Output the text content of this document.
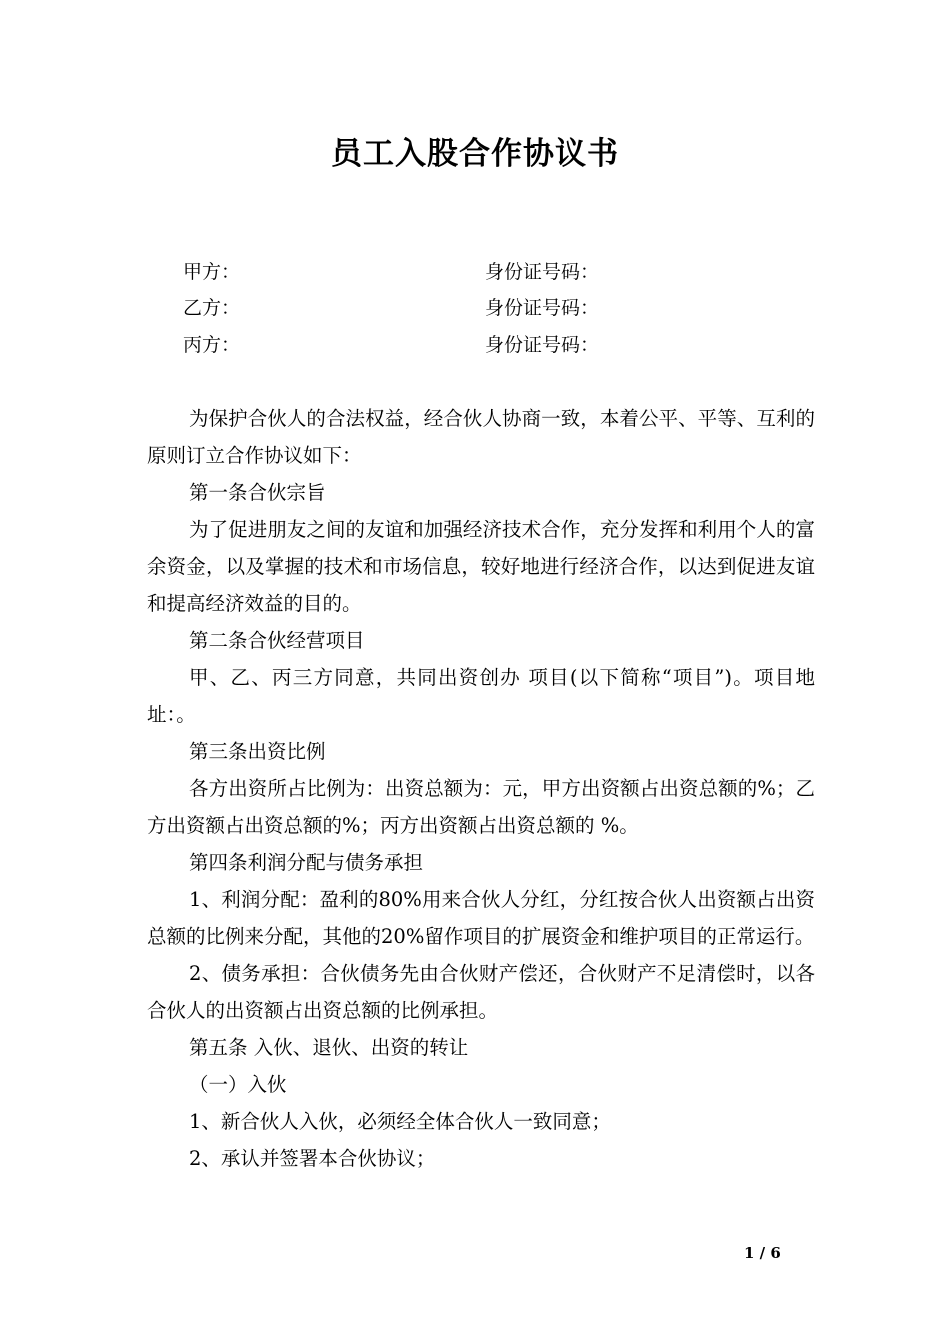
员工入股合作协议书
甲方：	身份证号码：
乙方：	身份证号码：
丙方：	身份证号码：

为保护合伙人的合法权益，经合伙人协商一致，本着公平、平等、互利的原则订立合作协议如下：

第一条合伙宗旨

为了促进朋友之间的友谊和加强经济技术合作，充分发挥和利用个人的富余资金，以及掌握的技术和市场信息，较好地进行经济合作，以达到促进友谊和提高经济效益的目的。

第二条合伙经营项目

甲、乙、丙三方同意，共同出资创办 项目(以下简称“项目”)。项目地址：。

第三条出资比例

各方出资所占比例为：出资总额为：元，甲方出资额占出资总额的%；乙方出资额占出资总额的%；丙方出资额占出资总额的 %。

第四条利润分配与债务承担

1、利润分配：盈利的80%用来合伙人分红，分红按合伙人出资额占出资总额的比例来分配，其他的20%留作项目的扩展资金和维护项目的正常运行。

2、债务承担：合伙债务先由合伙财产偿还，合伙财产不足清偿时，以各合伙人的出资额占出资总额的比例承担。

第五条 入伙、退伙、出资的转让

（一）入伙

1、新合伙人入伙，必须经全体合伙人一致同意；

2、承认并签署本合伙协议；

1 / 6
